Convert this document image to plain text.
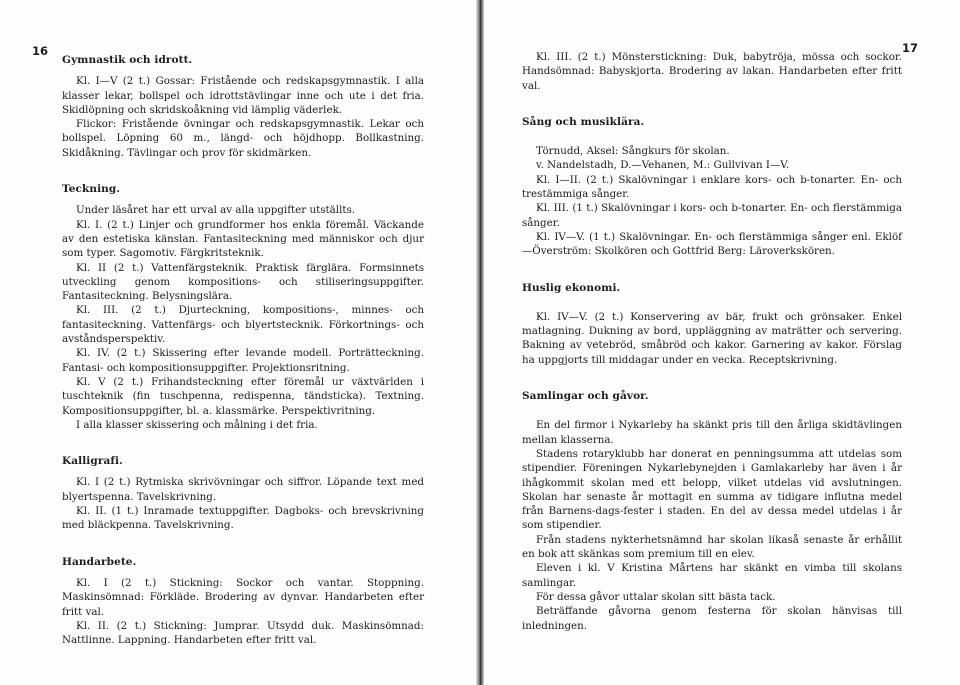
16

Gymnastik och idrott.

Kl. I—V (2 t.) Gossar: Fristående och redskapsgymnastik. I alla klasser lekar, bollspel och idrottstävlingar inne och ute i det fria. Skidlöpning och skridskoåkning vid lämplig väderlek.

Flickor: Fristående övningar och redskapsgymnastik. Lekar och bollspel. Löpning 60 m., längd- och höjdhopp. Bollkastning. Skidåkning. Tävlingar och prov för skidmärken.

Teckning.

Under läsåret har ett urval av alla uppgifter utställts.

Kl. I. (2 t.) Linjer och grundformer hos enkla föremål. Väckande av den estetiska känslan. Fantasiteckning med människor och djur som typer. Sagomotiv. Färgkritsteknik.

Kl. II (2 t.) Vattenfärgsteknik. Praktisk färglära. Formsinnets utveckling genom kompositions- och stiliseringsuppgifter. Fantasiteckning. Belysningslära.

Kl. III. (2 t.) Djurteckning, kompositions-, minnes- och fantasiteckning. Vattenfärgs- och blyertstecknik. Förkortnings- och avståndsperspektiv.

Kl. IV. (2 t.) Skissering efter levande modell. Porträtteckning. Fantasi- och kompositionsuppgifter. Projektionsritning.

Kl. V (2 t.) Frihandsteckning efter föremål ur växtvärlden i tuschteknik (fin tuschpenna, redispenna, tändsticka). Textning. Kompositionsuppgifter, bl. a. klassmärke. Perspektivritning.

I alla klasser skissering och målning i det fria.

Kalligrafi.

Kl. I (2 t.) Rytmiska skrivövningar och siffror. Löpande text med blyertspenna. Tavelskrivning.

Kl. II. (1 t.) Inramade textuppgifter. Dagboks- och brevskrivning med bläckpenna. Tavelskrivning.

Handarbete.

Kl. I (2 t.) Stickning: Sockor och vantar. Stoppning. Maskinsömnad: Förkläde. Brodering av dynvar. Handarbeten efter fritt val.

Kl. II. (2 t.) Stickning: Jumprar. Utsydd duk. Maskinsömnad: Nattlinne. Lappning. Handarbeten efter fritt val.

17

Kl. III. (2 t.) Mönsterstickning: Duk, babytröja, mössa och sockor. Handsömnad: Babyskjorta. Brodering av lakan. Handarbeten efter fritt val.

Sång och musiklära.

Törnudd, Aksel: Sångkurs för skolan.

v. Nandelstadh, D.—Vehanen, M.: Gullvivan I—V.

Kl. I—II. (2 t.) Skalövningar i enklare kors- och b-tonarter. En- och trestämmiga sånger.

Kl. III. (1 t.) Skalövningar i kors- och b-tonarter. En- och flerstämmiga sånger.

Kl. IV—V. (1 t.) Skalövningar. En- och flerstämmiga sånger enl. Eklöf—Överström: Skolkören och Gottfrid Berg: Läroverkskören.

Huslig ekonomi.

Kl. IV—V. (2 t.) Konservering av bär, frukt och grönsaker. Enkel matlagning. Dukning av bord, uppläggning av maträtter och servering. Bakning av vetebröd, småbröd och kakor. Garnering av kakor. Förslag ha uppgjorts till middagar under en vecka. Receptskrivning.

Samlingar och gåvor.

En del firmor i Nykarleby ha skänkt pris till den årliga skidtävlingen mellan klasserna.

Stadens rotaryklubb har donerat en penningsumma att utdelas som stipendier. Föreningen Nykarlebynejden i Gamlakarleby har även i år ihågkommit skolan med ett belopp, vilket utdelas vid avslutningen. Skolan har senaste år mottagit en summa av tidigare influtna medel från Barnens-dags-fester i staden. En del av dessa medel utdelas i år som stipendier.

Från stadens nykterhetsnämnd har skolan likaså senaste år erhållit en bok att skänkas som premium till en elev.

Eleven i kl. V Kristina Mårtens har skänkt en vimba till skolans samlingar.

För dessa gåvor uttalar skolan sitt bästa tack.

Beträffande gåvorna genom festerna för skolan hänvisas till inledningen.
